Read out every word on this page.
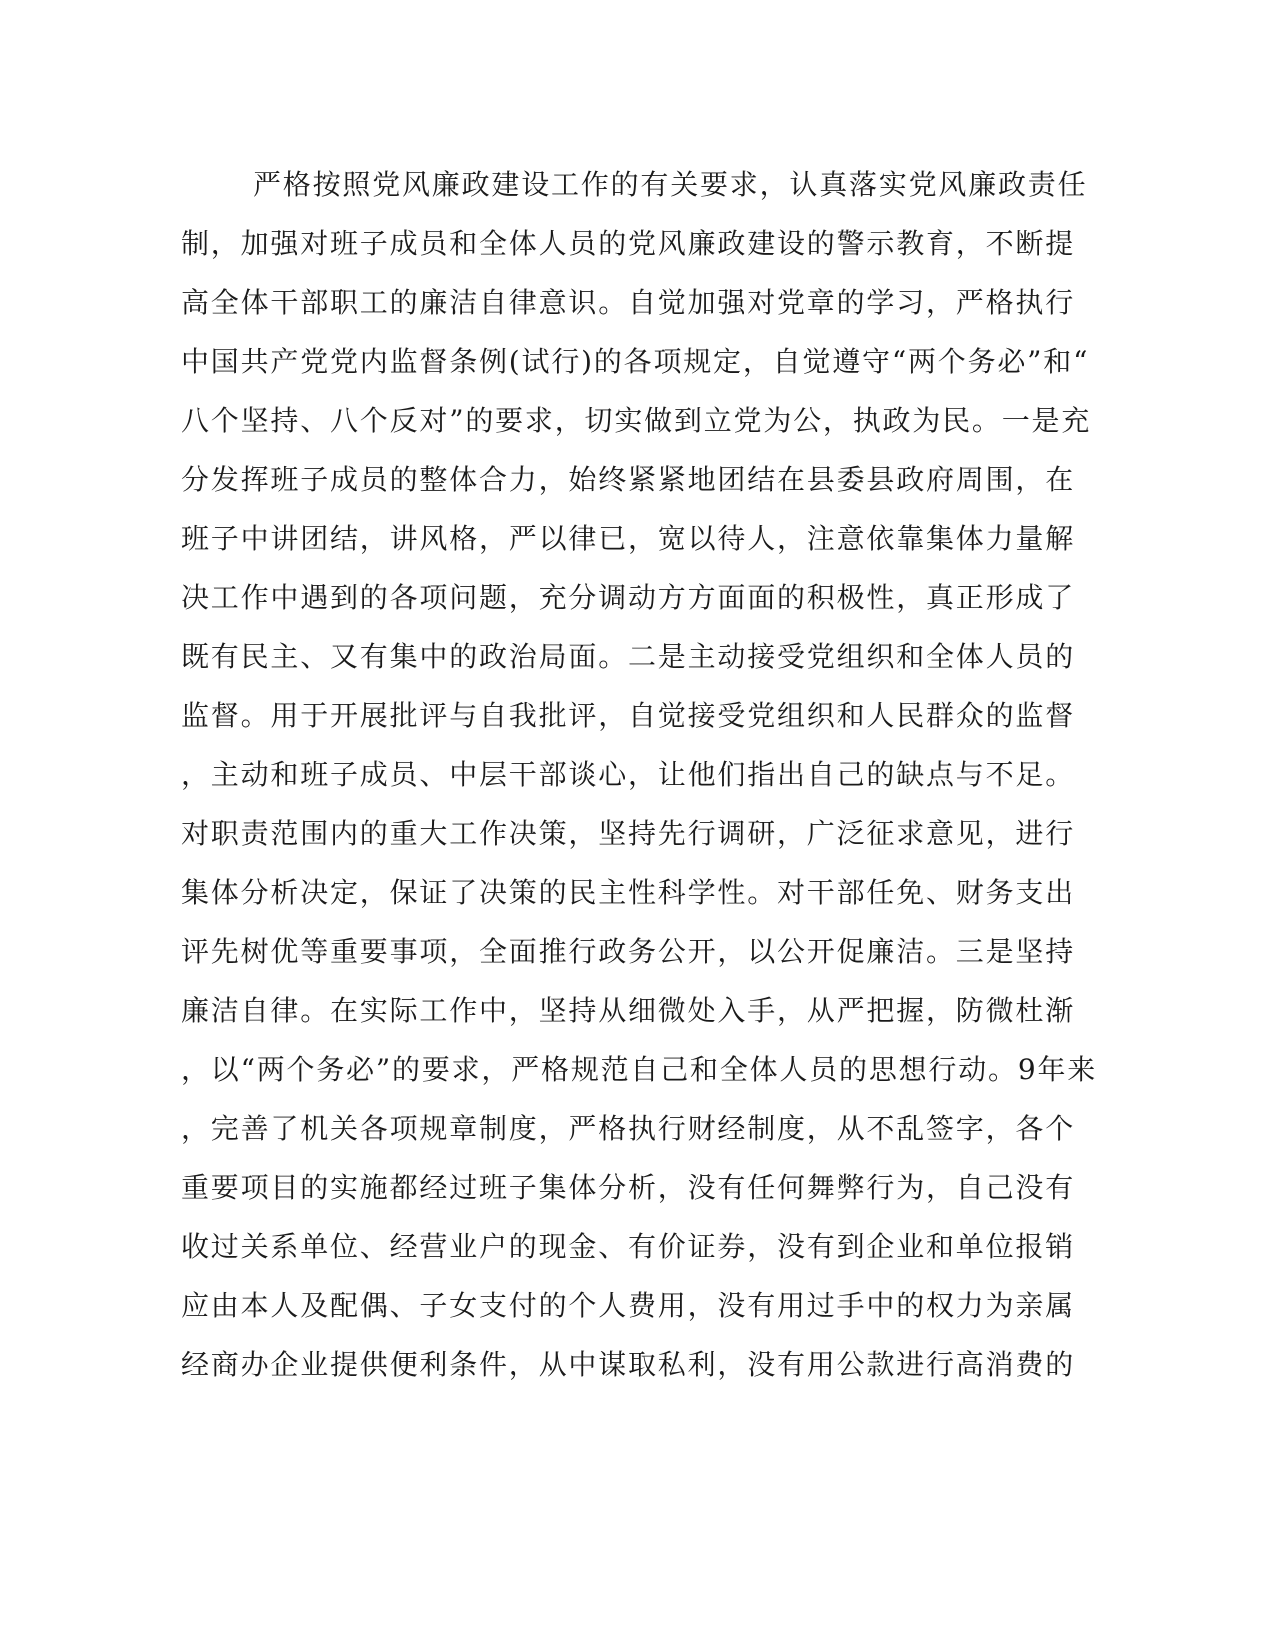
严格按照党风廉政建设工作的有关要求，认真落实党风廉政责任
制，加强对班子成员和全体人员的党风廉政建设的警示教育，不断提
高全体干部职工的廉洁自律意识。自觉加强对党章的学习，严格执行
中国共产党党内监督条例(试行)的各项规定，自觉遵守“两个务必”和“
八个坚持、八个反对”的要求，切实做到立党为公，执政为民。一是充
分发挥班子成员的整体合力，始终紧紧地团结在县委县政府周围，在
班子中讲团结，讲风格，严以律已，宽以待人，注意依靠集体力量解
决工作中遇到的各项问题，充分调动方方面面的积极性，真正形成了
既有民主、又有集中的政治局面。二是主动接受党组织和全体人员的
监督。用于开展批评与自我批评，自觉接受党组织和人民群众的监督
，主动和班子成员、中层干部谈心，让他们指出自己的缺点与不足。
对职责范围内的重大工作决策，坚持先行调研，广泛征求意见，进行
集体分析决定，保证了决策的民主性科学性。对干部任免、财务支出
评先树优等重要事项，全面推行政务公开，以公开促廉洁。三是坚持
廉洁自律。在实际工作中，坚持从细微处入手，从严把握，防微杜渐
，以“两个务必”的要求，严格规范自己和全体人员的思想行动。9年来
，完善了机关各项规章制度，严格执行财经制度，从不乱签字，各个
重要项目的实施都经过班子集体分析，没有任何舞弊行为，自己没有
收过关系单位、经营业户的现金、有价证券，没有到企业和单位报销
应由本人及配偶、子女支付的个人费用，没有用过手中的权力为亲属
经商办企业提供便利条件，从中谋取私利，没有用公款进行高消费的
